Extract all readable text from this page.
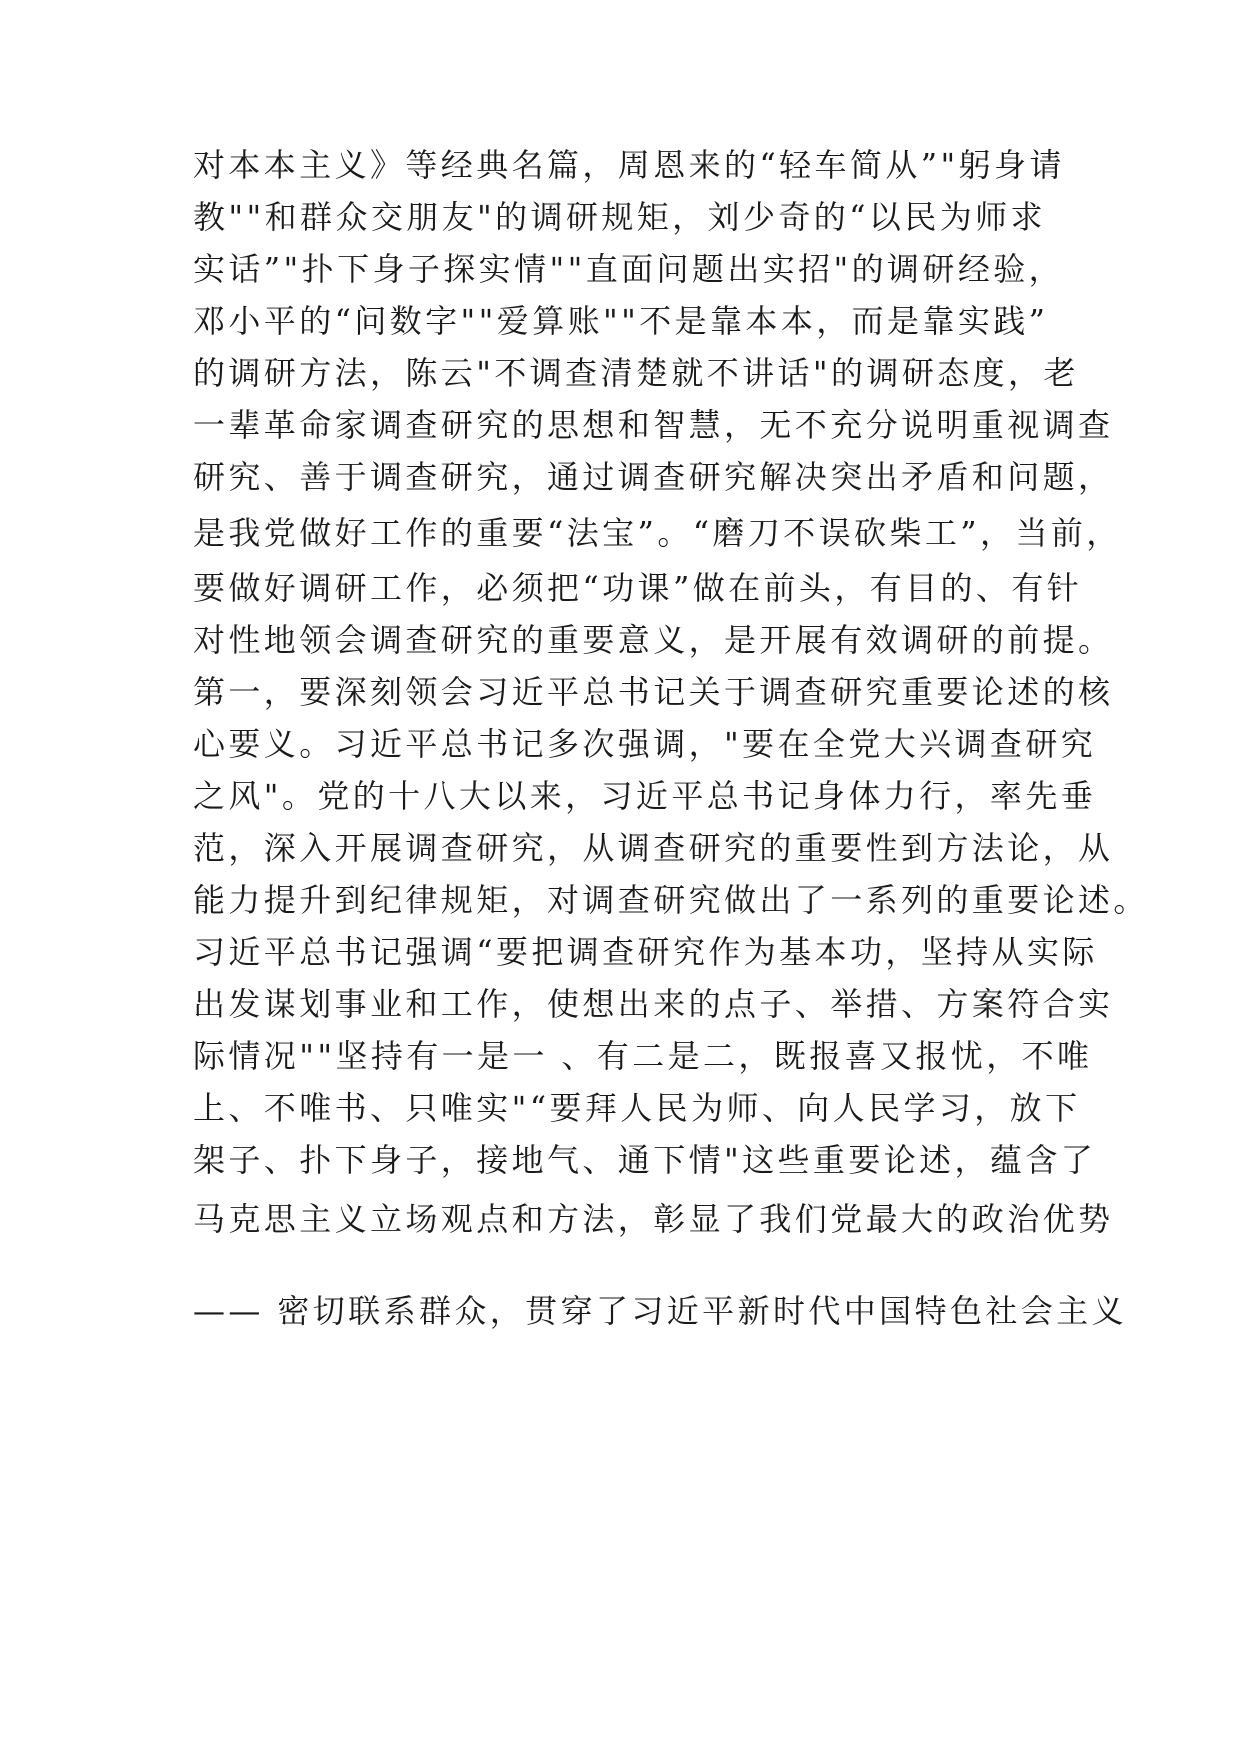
对本本主义》等经典名篇，周恩来的“轻车简从”"躬身请
教""和群众交朋友"的调研规矩，刘少奇的“以民为师求
实话”"扑下身子探实情""直面问题出实招"的调研经验，
邓小平的“问数字""爱算账""不是靠本本，而是靠实践”
的调研方法，陈云"不调查清楚就不讲话"的调研态度，老
一辈革命家调查研究的思想和智慧，无不充分说明重视调查
研究、善于调查研究，通过调查研究解决突出矛盾和问题，
是我党做好工作的重要“法宝”。“磨刀不误砍柴工”，当前，
要做好调研工作，必须把“功课”做在前头，有目的、有针
对性地领会调查研究的重要意义，是开展有效调研的前提。
第一，要深刻领会习近平总书记关于调查研究重要论述的核
心要义。习近平总书记多次强调，"要在全党大兴调查研究
之风"。党的十八大以来，习近平总书记身体力行，率先垂
范，深入开展调查研究，从调查研究的重要性到方法论，从
能力提升到纪律规矩，对调查研究做出了一系列的重要论述。
习近平总书记强调“要把调查研究作为基本功，坚持从实际
出发谋划事业和工作，使想出来的点子、举措、方案符合实
际情况""坚持有一是一 、有二是二，既报喜又报忧，不唯
上、不唯书、只唯实"“要拜人民为师、向人民学习，放下
架子、扑下身子，接地气、通下情"这些重要论述，蕴含了
马克思主义立场观点和方法，彰显了我们党最大的政治优势
—— 密切联系群众，贯穿了习近平新时代中国特色社会主义
